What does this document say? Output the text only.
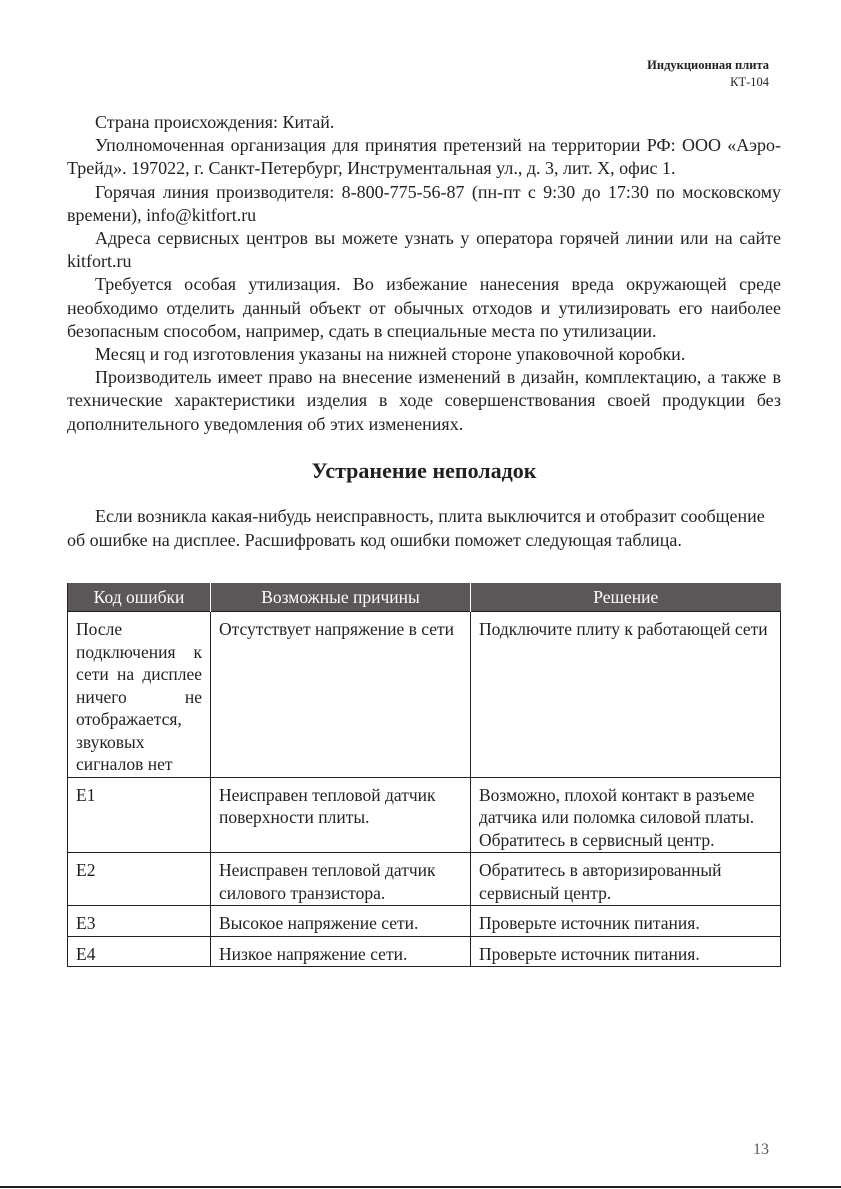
Индукционная плита
КТ-104

Страна происхождения: Китай.

Уполномоченная организация для принятия претензий на территории РФ: ООО «Аэро-Трейд». 197022, г. Санкт-Петербург, Инструментальная ул., д. 3, лит. Х, офис 1.

Горячая линия производителя: 8-800-775-56-87 (пн-пт с 9:30 до 17:30 по московскому времени), info@kitfort.ru

Адреса сервисных центров вы можете узнать у оператора горячей линии или на сайте kitfort.ru

Требуется особая утилизация. Во избежание нанесения вреда окружающей среде необходимо отделить данный объект от обычных отходов и утилизировать его наиболее безопасным способом, например, сдать в специальные места по утилизации.

Месяц и год изготовления указаны на нижней стороне упаковочной коробки.

Производитель имеет право на внесение изменений в дизайн, комплектацию, а также в технические характеристики изделия в ходе совершенствования своей продукции без дополнительного уведомления об этих изменениях.

Устранение неполадок

Если возникла какая-нибудь неисправность, плита выключится и отобразит сообщение об ошибке на дисплее. Расшифровать код ошибки поможет следующая таблица.

Код ошибки	Возможные причины	Решение
После подключения к сети на дисплее ничего не отображается, звуковых сигналов нет	Отсутствует напряжение в сети	Подключите плиту к работающей сети
E1	Неисправен тепловой датчик поверхности плиты.	Возможно, плохой контакт в разъеме датчика или поломка силовой платы.
Обратитесь в сервисный центр.
E2	Неисправен тепловой датчик силового транзистора.	Обратитесь в авторизированный сервисный центр.
E3	Высокое напряжение сети.	Проверьте источник питания.
E4	Низкое напряжение сети.	Проверьте источник питания.
13
